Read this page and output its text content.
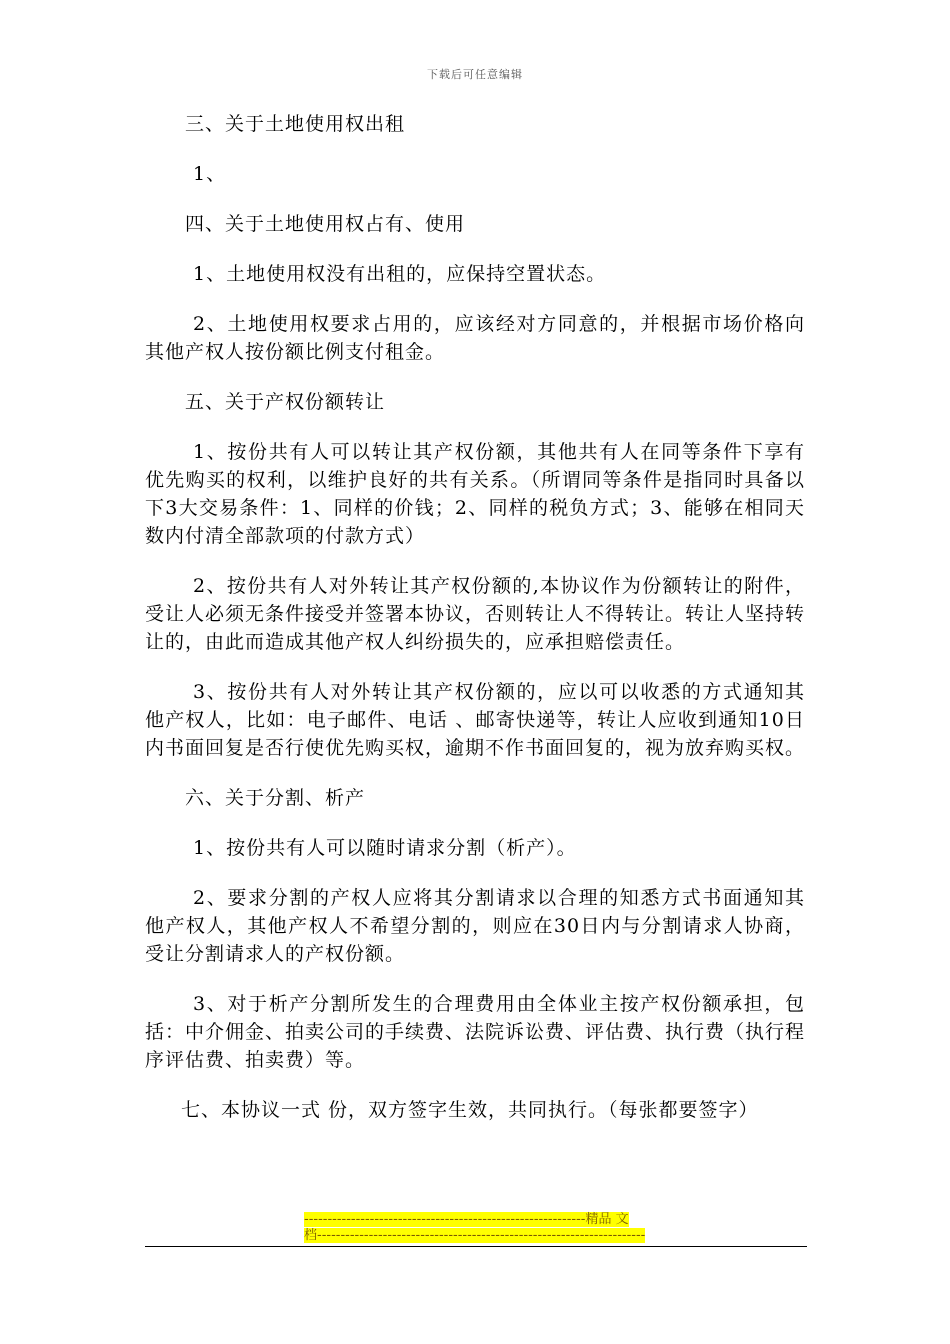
下载后可任意编辑

三、关于土地使用权出租

1、

四、关于土地使用权占有、使用

1、土地使用权没有出租的，应保持空置状态。

2、土地使用权要求占用的，应该经对方同意的，并根据市场价格向其他产权人按份额比例支付租金。

五、关于产权份额转让

1、按份共有人可以转让其产权份额，其他共有人在同等条件下享有优先购买的权利，以维护良好的共有关系。（所谓同等条件是指同时具备以下3大交易条件：1、同样的价钱；2、同样的税负方式；3、能够在相同天数内付清全部款项的付款方式）

2、按份共有人对外转让其产权份额的,本协议作为份额转让的附件，受让人必须无条件接受并签署本协议，否则转让人不得转让。转让人坚持转让的，由此而造成其他产权人纠纷损失的，应承担赔偿责任。

3、按份共有人对外转让其产权份额的，应以可以收悉的方式通知其他产权人，比如：电子邮件、电话 、邮寄快递等，转让人应收到通知10日内书面回复是否行使优先购买权，逾期不作书面回复的，视为放弃购买权。

六、关于分割、析产

1、按份共有人可以随时请求分割（析产）。

2、要求分割的产权人应将其分割请求以合理的知悉方式书面通知其他产权人，其他产权人不希望分割的，则应在30日内与分割请求人协商，受让分割请求人的产权份额。

3、对于析产分割所发生的合理费用由全体业主按产权份额承担，包括：中介佣金、拍卖公司的手续费、法院诉讼费、评估费、执行费（执行程序评估费、拍卖费）等。

七、本协议一式 份，双方签字生效，共同执行。（每张都要签字）

------------------------------------------------------------精品 文
档----------------------------------------------------------------------
